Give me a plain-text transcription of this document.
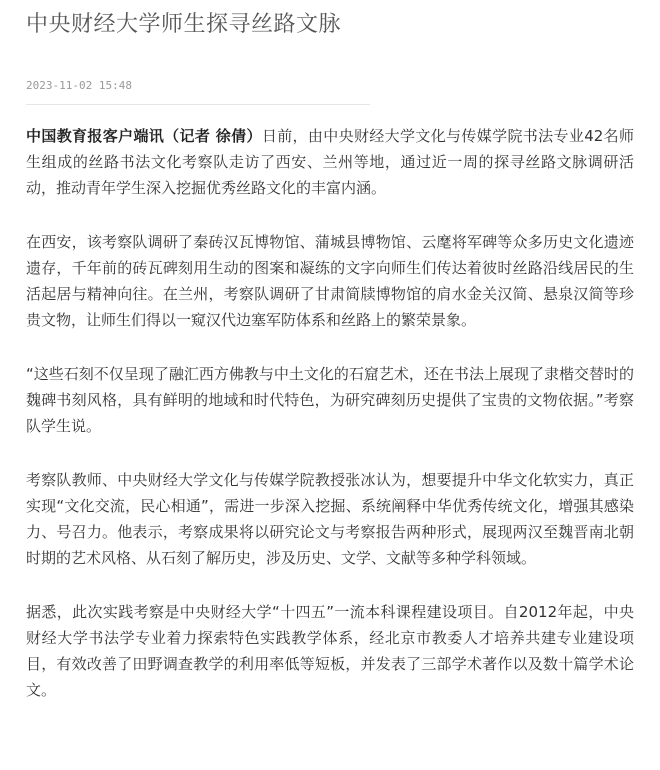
中央财经大学师生探寻丝路文脉
2023-11-02 15:48

中国教育报客户端讯（记者 徐倩）日前，由中央财经大学文化与传媒学院书法专业42名师生组成的丝路书法文化考察队走访了西安、兰州等地，通过近一周的探寻丝路文脉调研活动，推动青年学生深入挖掘优秀丝路文化的丰富内涵。

在西安，该考察队调研了秦砖汉瓦博物馆、蒲城县博物馆、云麾将军碑等众多历史文化遗迹遗存，千年前的砖瓦碑刻用生动的图案和凝练的文字向师生们传达着彼时丝路沿线居民的生活起居与精神向往。在兰州，考察队调研了甘肃简牍博物馆的肩水金关汉简、悬泉汉简等珍贵文物，让师生们得以一窥汉代边塞军防体系和丝路上的繁荣景象。

“这些石刻不仅呈现了融汇西方佛教与中土文化的石窟艺术，还在书法上展现了隶楷交替时的魏碑书刻风格，具有鲜明的地域和时代特色，为研究碑刻历史提供了宝贵的文物依据。”考察队学生说。

考察队教师、中央财经大学文化与传媒学院教授张冰认为，想要提升中华文化软实力，真正实现“文化交流，民心相通”，需进一步深入挖掘、系统阐释中华优秀传统文化，增强其感染力、号召力。他表示，考察成果将以研究论文与考察报告两种形式，展现两汉至魏晋南北朝时期的艺术风格、从石刻了解历史，涉及历史、文学、文献等多种学科领域。

据悉，此次实践考察是中央财经大学“十四五”一流本科课程建设项目。自2012年起，中央财经大学书法学专业着力探索特色实践教学体系，经北京市教委人才培养共建专业建设项目，有效改善了田野调查教学的利用率低等短板，并发表了三部学术著作以及数十篇学术论文。
